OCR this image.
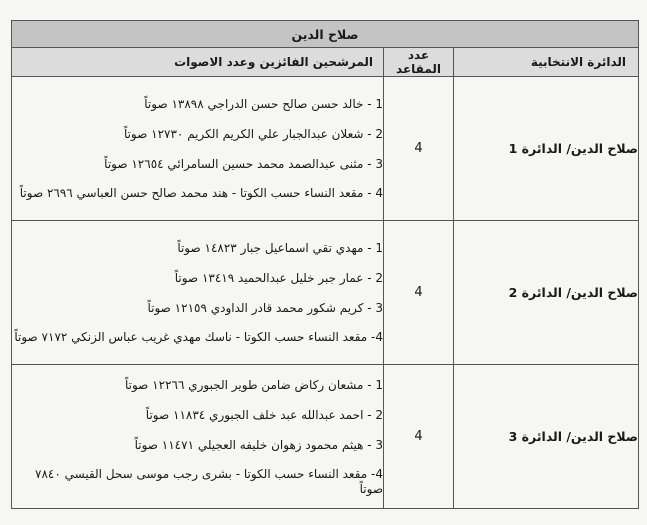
صلاح الدين		
الدائرة الانتخابية	عدد المقاعد	المرشحين الفائزين وعدد الاصوات
صلاح الدين/ الدائرة 1	4	1 - خالد حسن صالح حسن الدراجي ١٣٨٩٨ صوتاً

2 - شعلان عبدالجبار علي الكريم الكريم ١٢٧٣٠ صوتاً

3 - مثنى عبدالصمد محمد حسين السامرائي ١٢٦٥٤ صوتاً

4 - مقعد النساء حسب الكوتا - هند محمد صالح حسن العباسي ٢٦٩٦ صوتاً

صلاح الدين/ الدائرة 2	4	1 - مهدي تقي اسماعيل جبار ١٤٨٢٣ صوتاً

2 - عمار جبر خليل عبدالحميد ١٣٤١٩ صوتاً

3 - كريم شكور محمد قادر الداودي ١٢١٥٩ صوتاً

4- مقعد النساء حسب الكوتا - ناسك مهدي غريب عباس الزنكي ٧١٧٢ صوتاً

صلاح الدين/ الدائرة 3	4	1 - مشعان ركاض ضامن طوير الجبوري ١٢٢٦٦ صوتاً

2 - احمد عبدالله عبد خلف الجبوري ١١٨٣٤ صوتاً

3 - هيثم محمود زهوان خليفه العجيلي ١١٤٧١ صوتاً

4- مقعد النساء حسب الكوتا - بشرى رجب موسى سحل القيسي ٧٨٤٠ صوتاً
